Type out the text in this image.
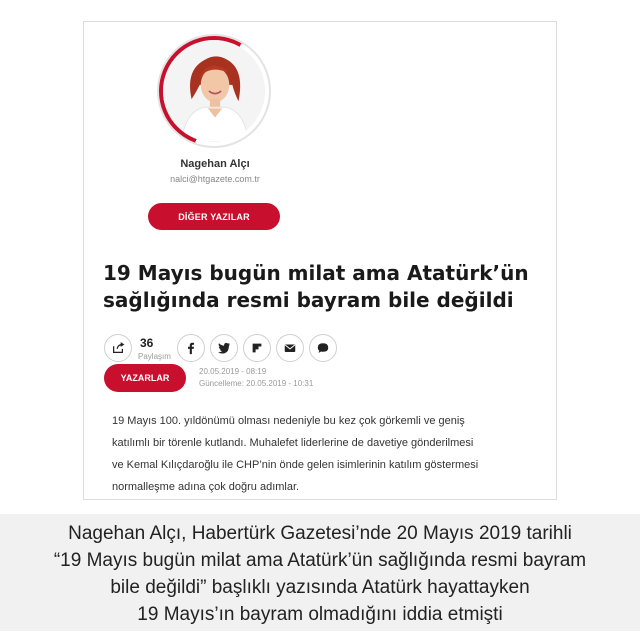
Nagehan Alçı
nalci@htgazete.com.tr
DİĞER YAZILAR
19 Mayıs bugün milat ama Atatürk’ün
sağlığında resmi bayram bile değildi
36
Paylaşım
YAZARLAR
20.05.2019 - 08:19
Güncelleme: 20.05.2019 - 10:31
19 Mayıs 100. yıldönümü olması nedeniyle bu kez çok görkemli ve geniş
katılımlı bir törenle kutlandı. Muhalefet liderlerine de davetiye gönderilmesi
ve Kemal Kılıçdaroğlu ile CHP’nin önde gelen isimlerinin katılım göstermesi
normalleşme adına çok doğru adımlar.
Nagehan Alçı, Habertürk Gazetesi’nde 20 Mayıs 2019 tarihli
“19 Mayıs bugün milat ama Atatürk’ün sağlığında resmi bayram
bile değildi” başlıklı yazısında Atatürk hayattayken
19 Mayıs’ın bayram olmadığını iddia etmişti
